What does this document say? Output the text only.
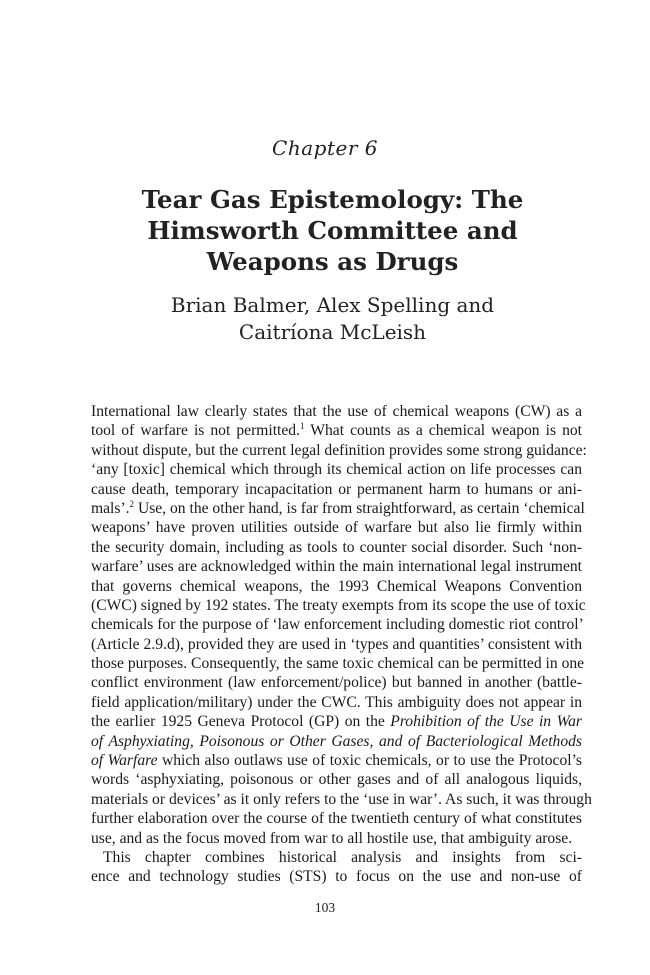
Chapter 6
Tear Gas Epistemology: The
Himsworth Committee and
Weapons as Drugs
Brian Balmer, Alex Spelling and
Caitríona McLeish
International law clearly states that the use of chemical weapons (CW) as a
tool of warfare is not permitted.$^1$ What counts as a chemical weapon is not
without dispute, but the current legal definition provides some strong guidance:
‘any [toxic] chemical which through its chemical action on life processes can
cause death, temporary incapacitation or permanent harm to humans or ani-
mals’.$^2$ Use, on the other hand, is far from straightforward, as certain ‘chemical
weapons’ have proven utilities outside of warfare but also lie firmly within
the security domain, including as tools to counter social disorder. Such ‘non-
warfare’ uses are acknowledged within the main international legal instrument
that governs chemical weapons, the 1993 Chemical Weapons Convention
(CWC) signed by 192 states. The treaty exempts from its scope the use of toxic
chemicals for the purpose of ‘law enforcement including domestic riot control’
(Article 2.9.d), provided they are used in ‘types and quantities’ consistent with
those purposes. Consequently, the same toxic chemical can be permitted in one
conflict environment (law enforcement/police) but banned in another (battle-
field application/military) under the CWC. This ambiguity does not appear in
the earlier 1925 Geneva Protocol (GP) on the Prohibition of the Use in War
of Asphyxiating, Poisonous or Other Gases, and of Bacteriological Methods
of Warfare which also outlaws use of toxic chemicals, or to use the Protocol’s
words ‘asphyxiating, poisonous or other gases and of all analogous liquids,
materials or devices’ as it only refers to the ‘use in war’. As such, it was through
further elaboration over the course of the twentieth century of what constitutes
use, and as the focus moved from war to all hostile use, that ambiguity arose.
This chapter combines historical analysis and insights from sci-
ence and technology studies (STS) to focus on the use and non-use of
103
